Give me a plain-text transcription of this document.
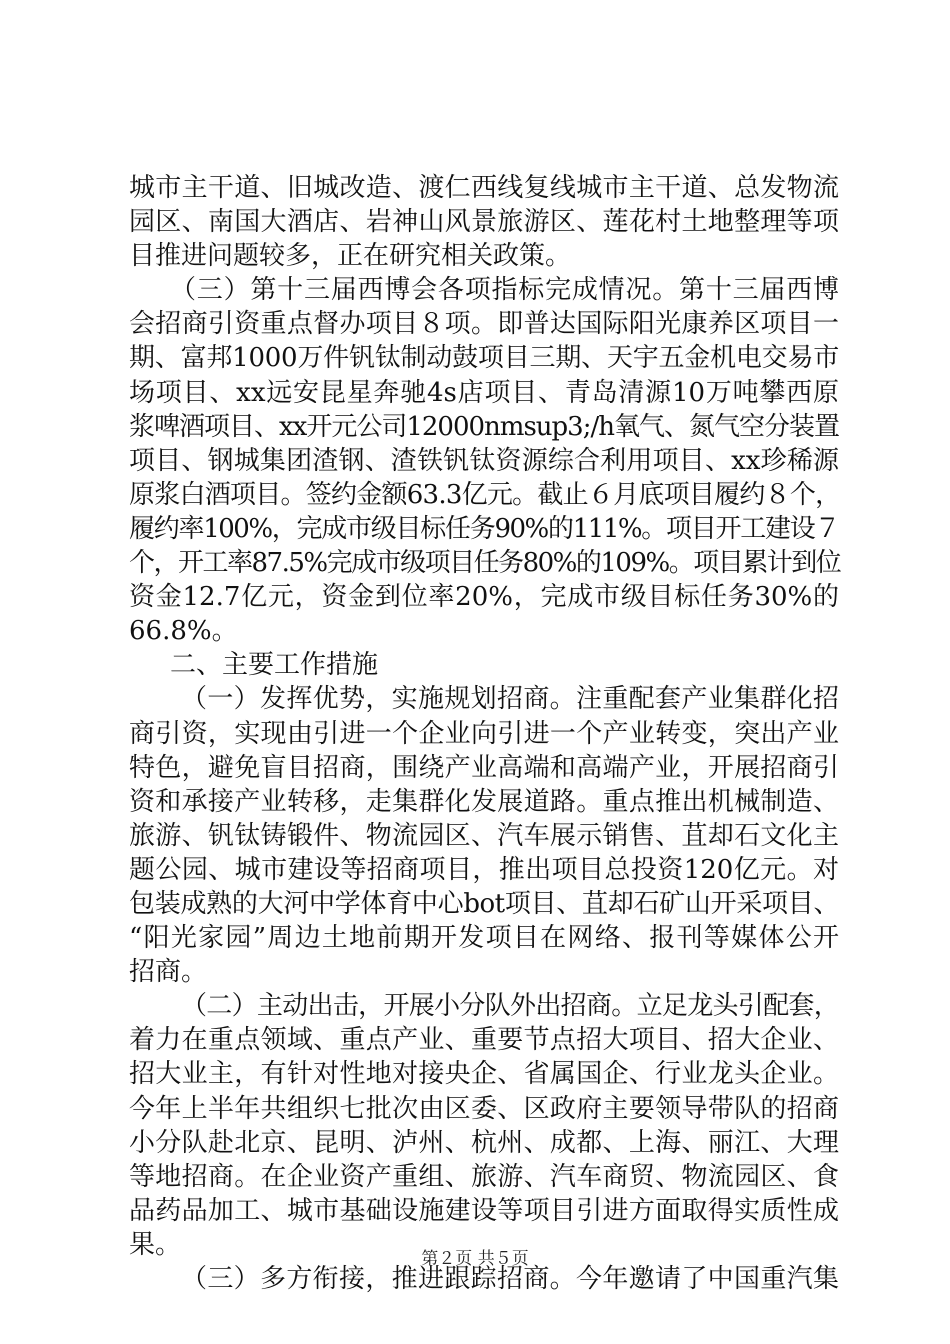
城市主干道、旧城改造、渡仁西线复线城市主干道、总发物流
园区、南国大酒店、岩神山风景旅游区、莲花村土地整理等项
目推进问题较多，正在研究相关政策。
（三）第十三届西博会各项指标完成情况。第十三届西博
会招商引资重点督办项目８项。即普达国际阳光康养区项目一
期、富邦1000万件钒钛制动鼓项目三期、天宇五金机电交易市
场项目、xx远安昆星奔驰4s店项目、青岛清源10万吨攀西原
浆啤酒项目、xx开元公司12000nmsup3;/h氧气、氮气空分装置
项目、钢城集团渣钢、渣铁钒钛资源综合利用项目、xx珍稀源
原浆白酒项目。签约金额63.3亿元。截止６月底项目履约８个，
履约率100%，完成市级目标任务90%的111%。项目开工建设７
个，开工率87.5%完成市级项目任务80%的109%。项目累计到位
资金12.7亿元，资金到位率20%，完成市级目标任务30%的
66.8%。
二、主要工作措施
（一）发挥优势，实施规划招商。注重配套产业集群化招
商引资，实现由引进一个企业向引进一个产业转变，突出产业
特色，避免盲目招商，围绕产业高端和高端产业，开展招商引
资和承接产业转移，走集群化发展道路。重点推出机械制造、
旅游、钒钛铸锻件、物流园区、汽车展示销售、苴却石文化主
题公园、城市建设等招商项目，推出项目总投资120亿元。对
包装成熟的大河中学体育中心bot项目、苴却石矿山开采项目、
“阳光家园”周边土地前期开发项目在网络、报刊等媒体公开
招商。
（二）主动出击，开展小分队外出招商。立足龙头引配套，
着力在重点领域、重点产业、重要节点招大项目、招大企业、
招大业主，有针对性地对接央企、省属国企、行业龙头企业。
今年上半年共组织七批次由区委、区政府主要领导带队的招商
小分队赴北京、昆明、泸州、杭州、成都、上海、丽江、大理
等地招商。在企业资产重组、旅游、汽车商贸、物流园区、食
品药品加工、城市基础设施建设等项目引进方面取得实质性成
果。
（三）多方衔接，推进跟踪招商。今年邀请了中国重汽集
第２页 共５页
